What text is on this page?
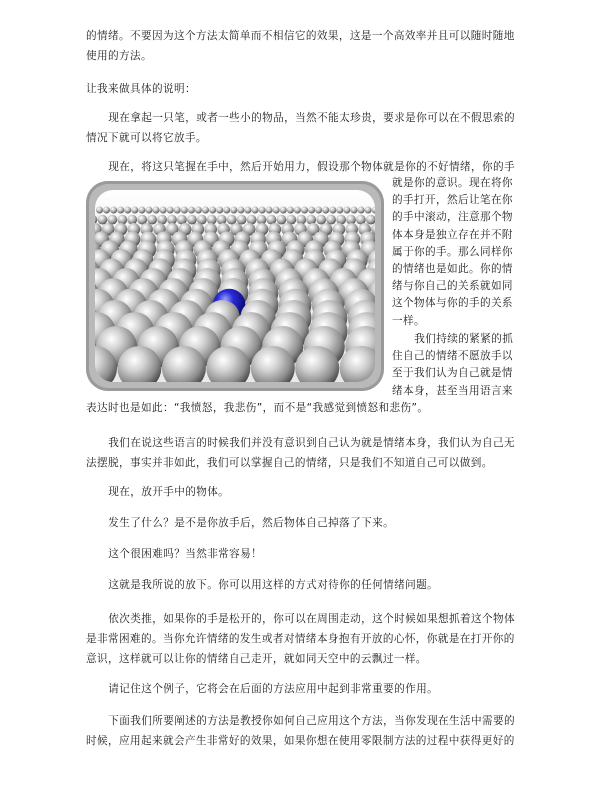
的情绪。不要因为这个方法太简单而不相信它的效果，这是一个高效率并且可以随时随地使用的方法。

让我来做具体的说明：

现在拿起一只笔，或者一些小的物品，当然不能太珍贵，要求是你可以在不假思索的情况下就可以将它放手。

现在，将这只笔握在手中，然后开始用力，假设那个物体就是你的不好情绪，你的手

就是你的意识。现在将你的手打开，然后让笔在你的手中滚动，注意那个物体本身是独立存在并不附属于你的手。那么同样你的情绪也是如此。你的情绪与你自己的关系就如同这个物体与你的手的关系一样。

我们持续的紧紧的抓住自己的情绪不愿放手以至于我们认为自己就是情绪本身，甚至当用语言来

表达时也是如此：“我愤怒，我悲伤”，而不是“我感觉到愤怒和悲伤”。

我们在说这些语言的时候我们并没有意识到自己认为就是情绪本身，我们认为自己无法摆脱，事实并非如此，我们可以掌握自己的情绪，只是我们不知道自己可以做到。

现在，放开手中的物体。

发生了什么？是不是你放手后，然后物体自己掉落了下来。

这个很困难吗？当然非常容易！

这就是我所说的放下。你可以用这样的方式对待你的任何情绪问题。

依次类推，如果你的手是松开的，你可以在周围走动，这个时候如果想抓着这个物体是非常困难的。当你允许情绪的发生或者对情绪本身抱有开放的心怀，你就是在打开你的意识，这样就可以让你的情绪自己走开，就如同天空中的云飘过一样。

请记住这个例子，它将会在后面的方法应用中起到非常重要的作用。

下面我们所要阐述的方法是教授你如何自己应用这个方法，当你发现在生活中需要的时候，应用起来就会产生非常好的效果，如果你想在使用零限制方法的过程中获得更好的
